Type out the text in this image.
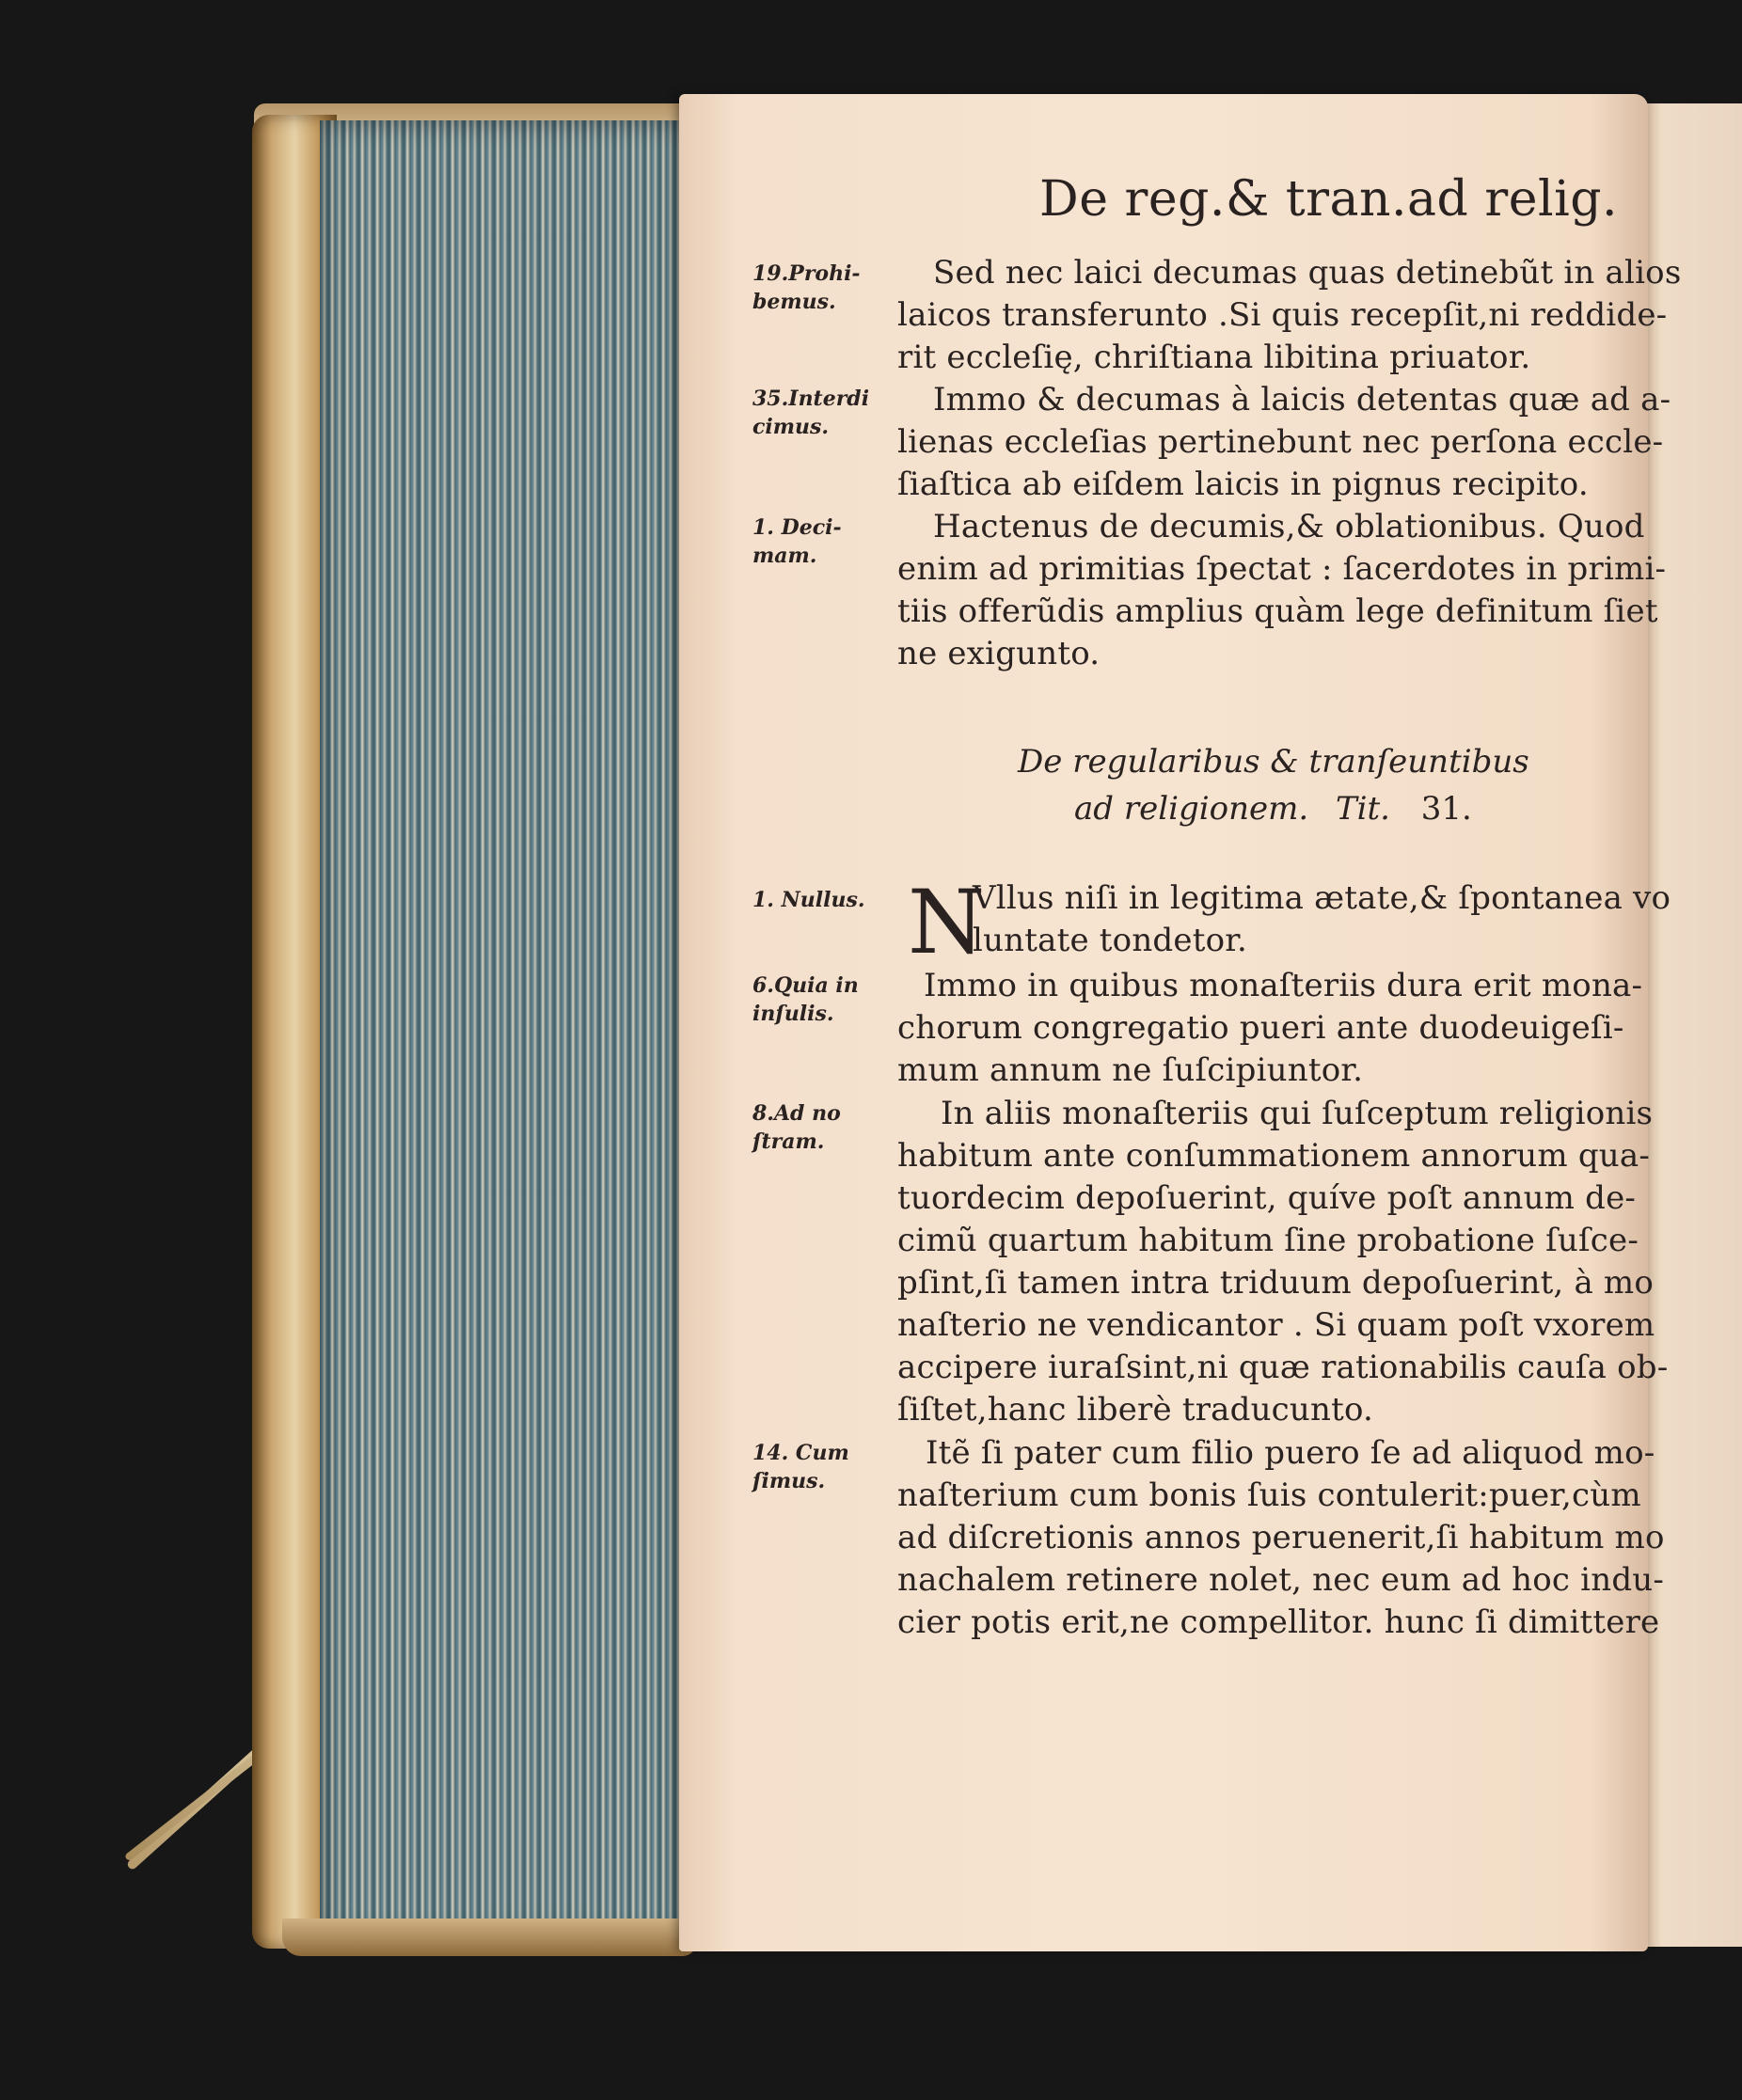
De reg.& tran.ad relig.
19.Prohi-
bemus.
Sed nec laici decumas quas detinebũt in alios
laicos transferunto .Si quis recepſit,ni reddide-
rit eccleſię, chriſtiana libitina priuator.
35.Interdi
cimus.
Immo & decumas à laicis detentas quæ ad a-
lienas eccleſias pertinebunt nec perſona eccle-
ſiaſtica ab eiſdem laicis in pignus recipito.
1. Deci-
mam.
Hactenus de decumis,& oblationibus. Quod
enim ad primitias ſpectat : ſacerdotes in primi-
tiis offerũdis amplius quàm lege definitum ſiet
ne exigunto.
De regularibus & tranſeuntibus
ad religionem. Tit. 31.
1. Nullus. N
Vllus niſi in legitima ætate,& ſpontanea vo
luntate tondetor.
6.Quia in
inſulis.
Immo in quibus monaſteriis dura erit mona-
chorum congregatio pueri ante duodeuigeſi-
mum annum ne ſuſcipiuntor.
8.Ad no
ſtram.
In aliis monaſteriis qui ſuſceptum religionis
habitum ante conſummationem annorum qua-
tuordecim depoſuerint, quíve poſt annum de-
cimũ quartum habitum ſine probatione ſuſce-
pſint,ſi tamen intra triduum depoſuerint, à mo
naſterio ne vendicantor . Si quam poſt vxorem
accipere iuraſsint,ni quæ rationabilis cauſa ob-
ſiſtet,hanc liberè traducunto.
14. Cum
ſimus.
Itẽ ſi pater cum filio puero ſe ad aliquod mo-
naſterium cum bonis ſuis contulerit:puer,cùm
ad diſcretionis annos peruenerit,ſi habitum mo
nachalem retinere nolet, nec eum ad hoc indu-
cier potis erit,ne compellitor. hunc ſi dimittere
